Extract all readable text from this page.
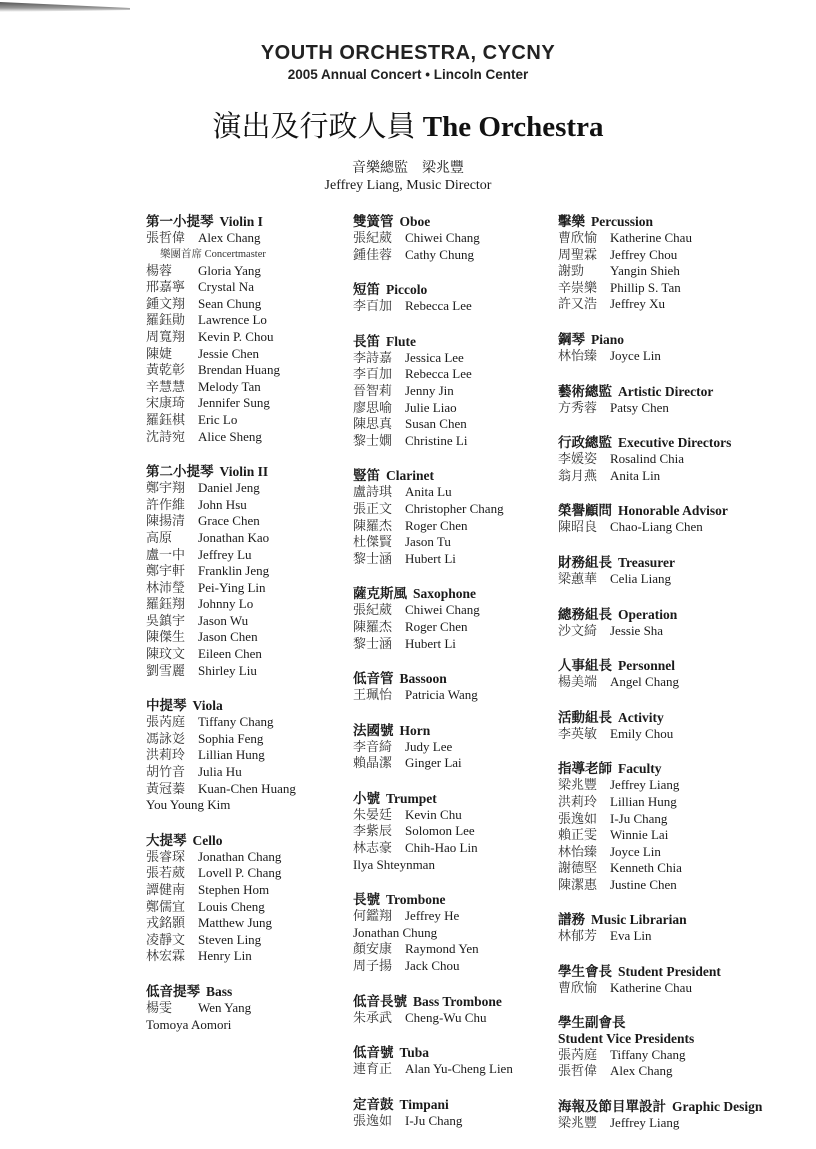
YOUTH ORCHESTRA, CYCNY
2005 Annual Concert • Lincoln Center
演出及行政人員 The Orchestra
音樂總監 梁兆豐
Jeffrey Liang, Music Director
第一小提琴 Violin I
張哲偉 Alex Chang
樂團首席 Concertmaster
楊蓉 Gloria Yang
邢嘉寧 Crystal Na
鍾文翔 Sean Chung
羅鈺勛 Lawrence Lo
周寬翔 Kevin P. Chou
陳婕 Jessie Chen
黃乾彰 Brendan Huang
辛慧慧 Melody Tan
宋康琦 Jennifer Sung
羅鈺棋 Eric Lo
沈詩宛 Alice Sheng
第二小提琴 Violin II
鄭宇翔 Daniel Jeng
許作維 John Hsu
陳揚清 Grace Chen
高原 Jonathan Kao
盧一中 Jeffrey Lu
鄭宇軒 Franklin Jeng
林沛瑩 Pei-Ying Lin
羅鈺翔 Johnny Lo
吳鎮宇 Jason Wu
陳傑生 Jason Chen
陳玟文 Eileen Chen
劉雪麗 Shirley Liu
中提琴 Viola
張芮庭 Tiffany Chang
馮詠彣 Sophia Feng
洪莉玲 Lillian Hung
胡竹音 Julia Hu
黃冠蓁 Kuan-Chen Huang
You Young Kim
大提琴 Cello
張睿琛 Jonathan Chang
張若葳 Lovell P. Chang
譚健南 Stephen Hom
鄭儒宜 Louis Cheng
戎銘顥 Matthew Jung
凌靜文 Steven Ling
林宏霖 Henry Lin
低音提琴 Bass
楊雯 Wen Yang
Tomoya Aomori
雙簧管 Oboe
張紀葳 Chiwei Chang
鍾佳蓉 Cathy Chung
短笛 Piccolo
李百加 Rebecca Lee
長笛 Flute
李詩嘉 Jessica Lee
李百加 Rebecca Lee
晉智莉 Jenny Jin
廖思喻 Julie Liao
陳思真 Susan Chen
黎士嫺 Christine Li
豎笛 Clarinet
盧詩琪 Anita Lu
張正文 Christopher Chang
陳羅杰 Roger Chen
杜傑賢 Jason Tu
黎士涵 Hubert Li
薩克斯風 Saxophone
張紀葳 Chiwei Chang
陳羅杰 Roger Chen
黎士涵 Hubert Li
低音管 Bassoon
王珮怡 Patricia Wang
法國號 Horn
李音綺 Judy Lee
賴晶潔 Ginger Lai
小號 Trumpet
朱晏廷 Kevin Chu
李紫辰 Solomon Lee
林志豪 Chih-Hao Lin
Ilya Shteynman
長號 Trombone
何鑑翔 Jeffrey He
Jonathan Chung
顏安康 Raymond Yen
周子揚 Jack Chou
低音長號 Bass Trombone
朱承武 Cheng-Wu Chu
低音號 Tuba
連育正 Alan Yu-Cheng Lien
定音鼓 Timpani
張逸如 I-Ju Chang
擊樂 Percussion
曹欣愉 Katherine Chau
周聖霖 Jeffrey Chou
謝勁 Yangin Shieh
辛崇樂 Phillip S. Tan
許又浩 Jeffrey Xu
鋼琴 Piano
林怡臻 Joyce Lin
藝術總監 Artistic Director
方秀蓉 Patsy Chen
行政總監 Executive Directors
李媛姿 Rosalind Chia
翁月燕 Anita Lin
榮譽顧問 Honorable Advisor
陳昭良 Chao-Liang Chen
財務組長 Treasurer
梁蕙華 Celia Liang
總務組長 Operation
沙文綺 Jessie Sha
人事組長 Personnel
楊美端 Angel Chang
活動組長 Activity
李英敏 Emily Chou
指導老師 Faculty
梁兆豐 Jeffrey Liang
洪莉玲 Lillian Hung
張逸如 I-Ju Chang
賴正雯 Winnie Lai
林怡臻 Joyce Lin
謝德堅 Kenneth Chia
陳潔惠 Justine Chen
譜務 Music Librarian
林郁芳 Eva Lin
學生會長 Student President
曹欣愉 Katherine Chau
學生副會長
Student Vice Presidents
張芮庭 Tiffany Chang
張哲偉 Alex Chang
海報及節目單設計 Graphic Design
梁兆豐 Jeffrey Liang
